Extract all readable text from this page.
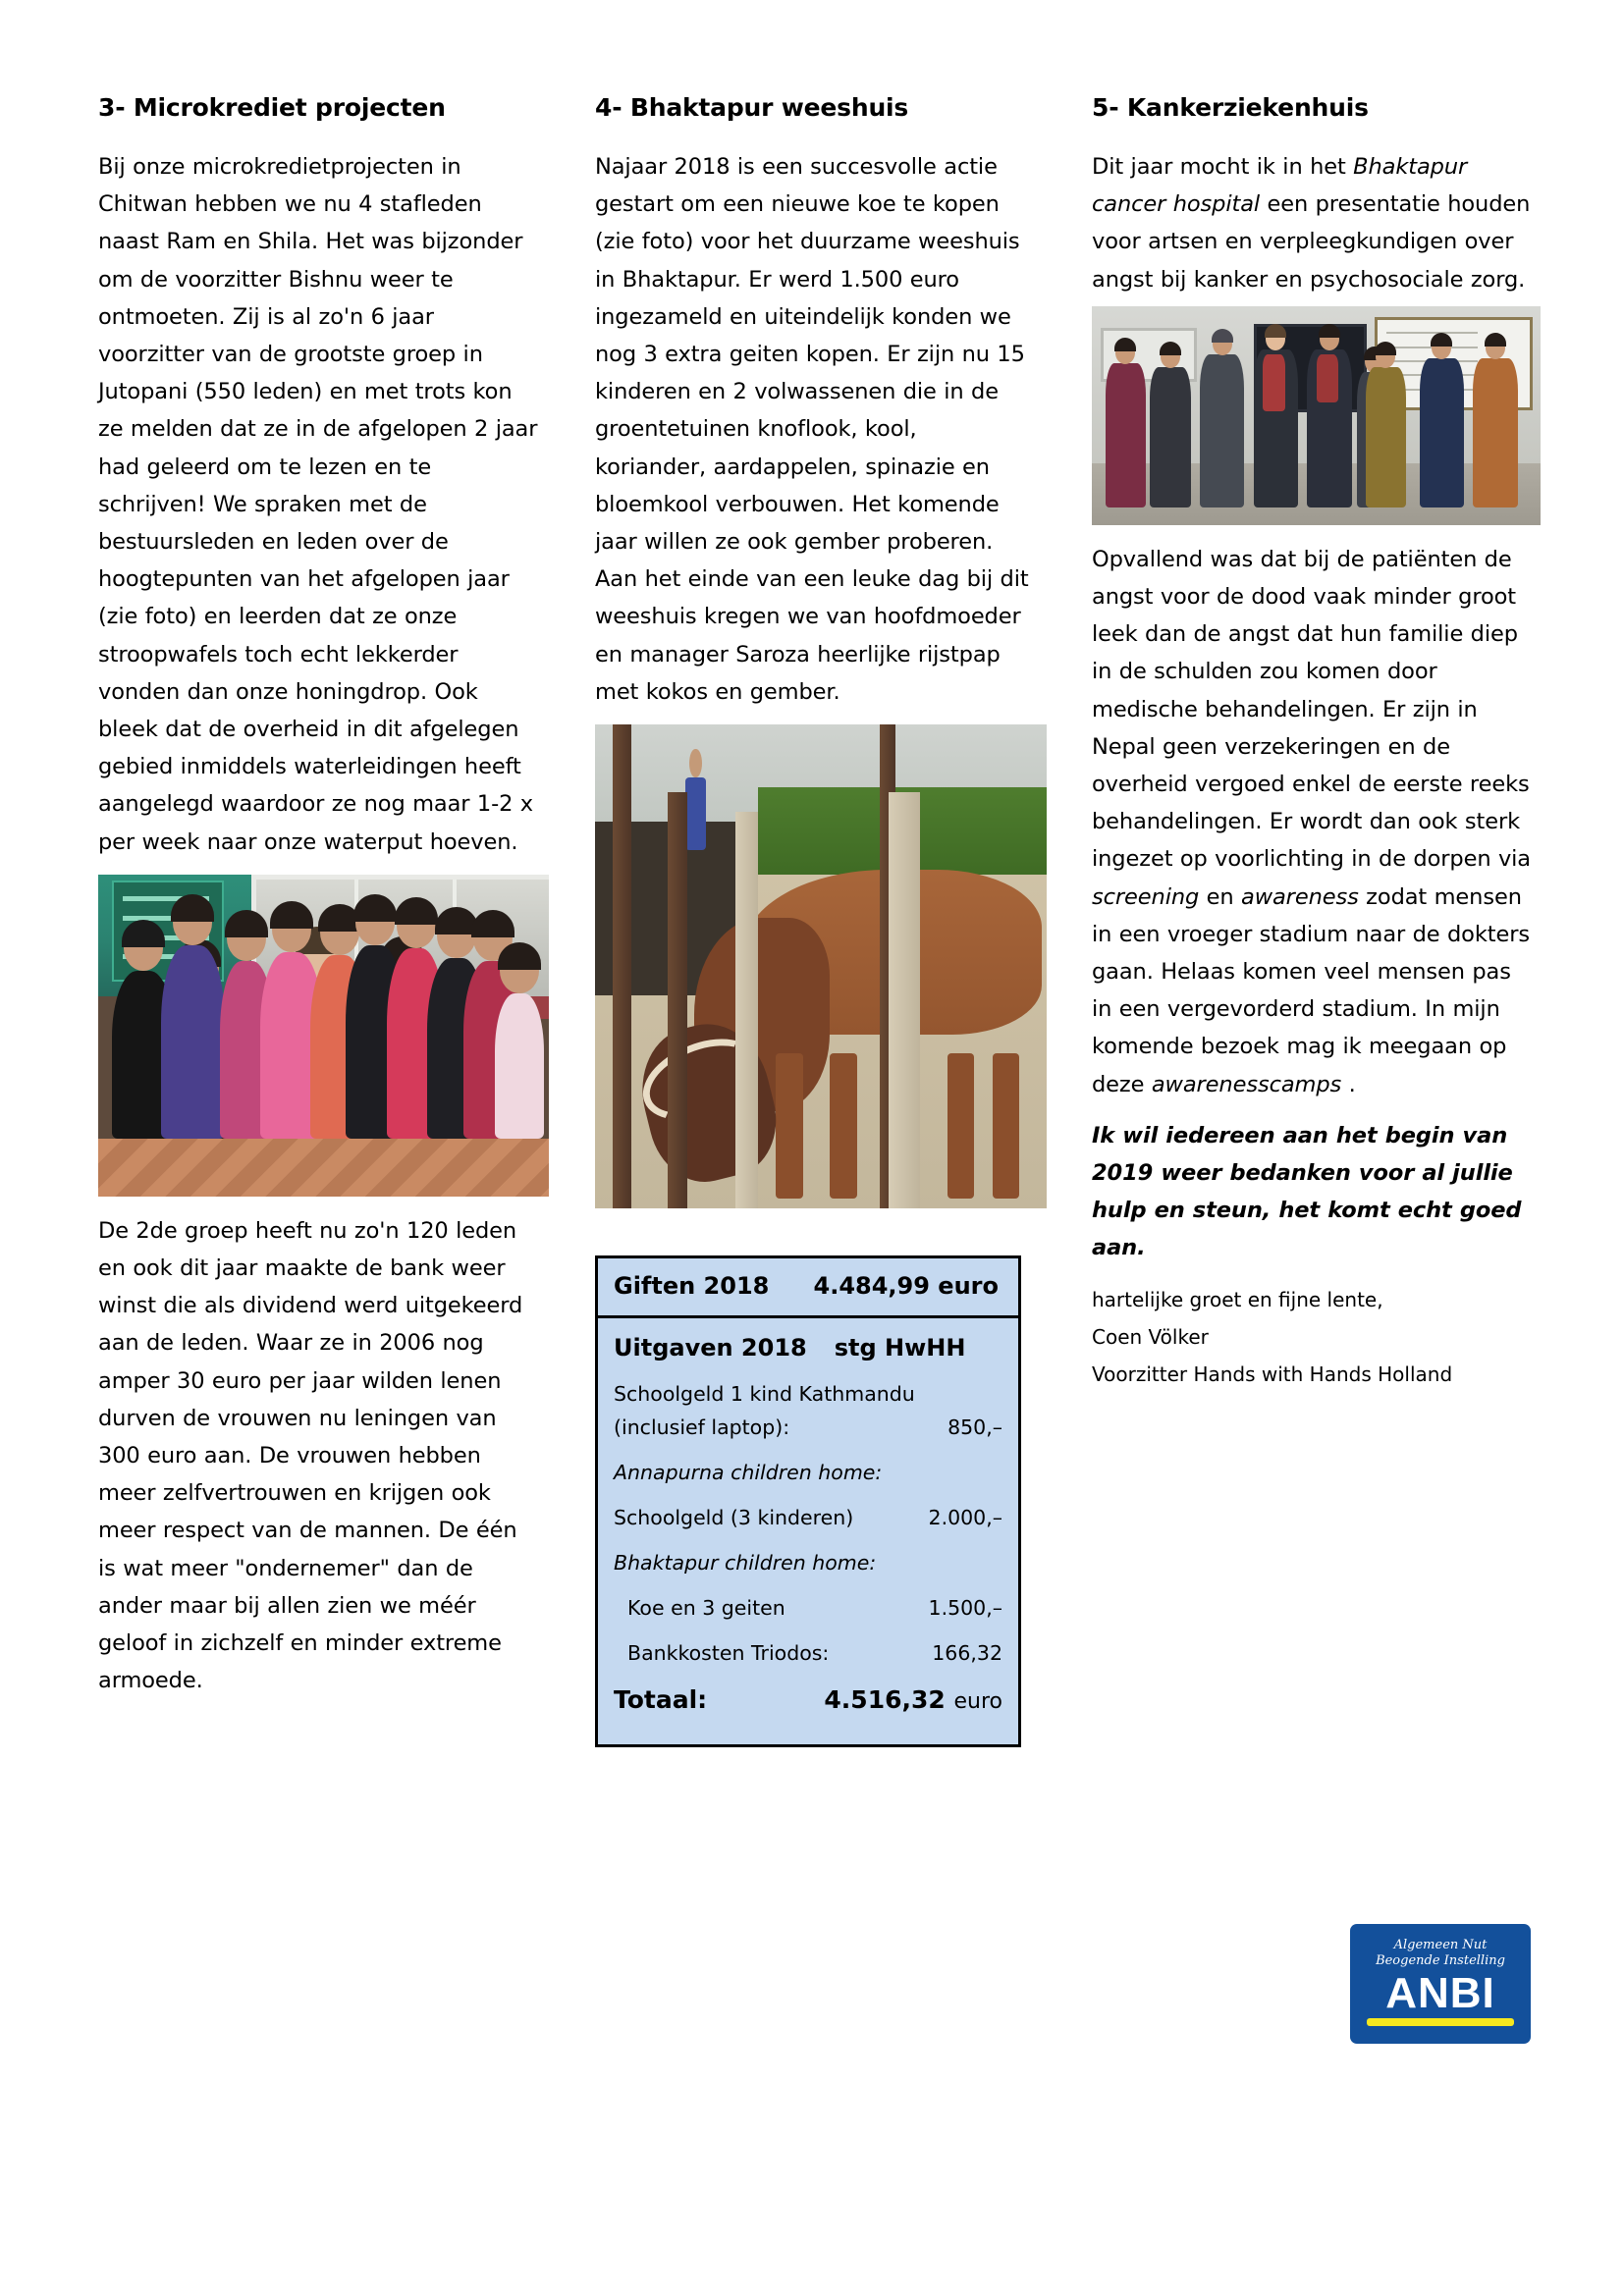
3- Microkrediet projecten

Bij onze microkredietprojecten in Chitwan hebben we nu 4 stafleden naast Ram en Shila. Het was bijzonder om de voorzitter Bishnu weer te ontmoeten. Zij is al zo'n 6 jaar voorzitter van de grootste groep in Jutopani (550 leden) en met trots kon ze melden dat ze in de afgelopen 2 jaar had geleerd om te lezen en te schrijven! We spraken met de bestuursleden en leden over de hoogtepunten van het afgelopen jaar (zie foto) en leerden dat ze onze stroopwafels toch echt lekkerder vonden dan onze honingdrop. Ook bleek dat de overheid in dit afgelegen gebied inmiddels waterleidingen heeft aangelegd waardoor ze nog maar 1-2 x per week naar onze waterput hoeven.

De 2de groep heeft nu zo'n 120 leden en ook dit jaar maakte de bank weer winst die als dividend werd uitgekeerd aan de leden. Waar ze in 2006 nog amper 30 euro per jaar wilden lenen durven de vrouwen nu leningen van 300 euro aan. De vrouwen hebben meer zelfvertrouwen en krijgen ook meer respect van de mannen. De één is wat meer "ondernemer" dan de ander maar bij allen zien we méér geloof in zichzelf en minder extreme armoede.

4- Bhaktapur weeshuis

Najaar 2018 is een succesvolle actie gestart om een nieuwe koe te kopen (zie foto) voor het duurzame weeshuis in Bhaktapur. Er werd 1.500 euro ingezameld en uiteindelijk konden we nog 3 extra geiten kopen. Er zijn nu 15 kinderen en 2 volwassenen die in de groentetuinen knoflook, kool, koriander, aardappelen, spinazie en bloemkool verbouwen. Het komende jaar willen ze ook gember proberen. Aan het einde van een leuke dag bij dit weeshuis kregen we van hoofdmoeder en manager Saroza heerlijke rijstpap met kokos en gember.

Giften 2018 4.484,99 euro
Uitgaven 2018 stg HwHH
Schoolgeld 1 kind Kathmandu
(inclusief laptop):	850,–
Annapurna children home:
Schoolgeld (3 kinderen)	2.000,–
Bhaktapur children home:
Koe en 3 geiten	1.500,–
Bankkosten Triodos:	166,32
Totaal:	4.516,32 euro
5- Kankerziekenhuis

Dit jaar mocht ik in het Bhaktapur cancer hospital een presentatie houden voor artsen en verpleegkundigen over angst bij kanker en psychosociale zorg.

Opvallend was dat bij de patiënten de angst voor de dood vaak minder groot leek dan de angst dat hun familie diep in de schulden zou komen door medische behandelingen. Er zijn in Nepal geen verzekeringen en de overheid vergoed enkel de eerste reeks behandelingen. Er wordt dan ook sterk ingezet op voorlichting in de dorpen via screening en awareness zodat mensen in een vroeger stadium naar de dokters gaan. Helaas komen veel mensen pas in een vergevorderd stadium. In mijn komende bezoek mag ik meegaan op deze awarenesscamps .

Ik wil iedereen aan het begin van 2019 weer bedanken voor al jullie hulp en steun, het komt echt goed aan.

hartelijke groet en fijne lente,

Coen Völker

Voorzitter Hands with Hands Holland

Algemeen Nut
Beogende Instelling
ANBI
